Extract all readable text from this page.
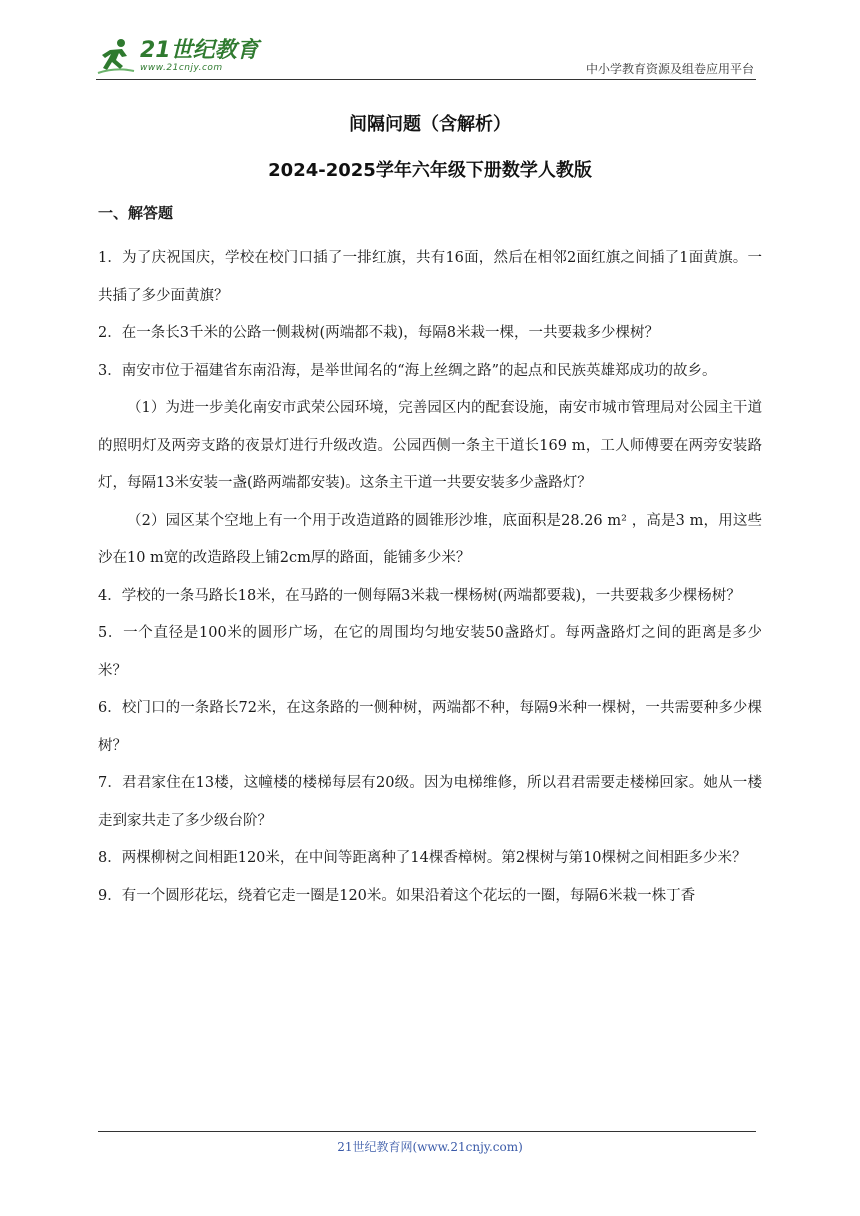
21世纪教育
www.21cnjy.com	中小学教育资源及组卷应用平台
间隔问题（含解析）
2024-2025学年六年级下册数学人教版
一、解答题

1．为了庆祝国庆，学校在校门口插了一排红旗，共有16面，然后在相邻2面红旗之间插了1面黄旗。一共插了多少面黄旗？

2．在一条长3千米的公路一侧栽树(两端都不栽)，每隔8米栽一棵，一共要栽多少棵树？

3．南安市位于福建省东南沿海，是举世闻名的“海上丝绸之路”的起点和民族英雄郑成功的故乡。

（1）为进一步美化南安市武荣公园环境，完善园区内的配套设施，南安市城市管理局对公园主干道的照明灯及两旁支路的夜景灯进行升级改造。公园西侧一条主干道长169 m，工人师傅要在两旁安装路灯，每隔13米安装一盏(路两端都安装)。这条主干道一共要安装多少盏路灯？

（2）园区某个空地上有一个用于改造道路的圆锥形沙堆，底面积是28.26 m² ，高是3 m，用这些沙在10 m宽的改造路段上铺2cm厚的路面，能铺多少米？

4．学校的一条马路长18米，在马路的一侧每隔3米栽一棵杨树(两端都要栽)，一共要栽多少棵杨树？

5．一个直径是100米的圆形广场，在它的周围均匀地安装50盏路灯。每两盏路灯之间的距离是多少米？

6．校门口的一条路长72米，在这条路的一侧种树，两端都不种，每隔9米种一棵树，一共需要种多少棵树？

7．君君家住在13楼，这幢楼的楼梯每层有20级。因为电梯维修，所以君君需要走楼梯回家。她从一楼走到家共走了多少级台阶？

8．两棵柳树之间相距120米，在中间等距离种了14棵香樟树。第2棵树与第10棵树之间相距多少米？

9．有一个圆形花坛，绕着它走一圈是120米。如果沿着这个花坛的一圈，每隔6米栽一株丁香

21世纪教育网(www.21cnjy.com)
